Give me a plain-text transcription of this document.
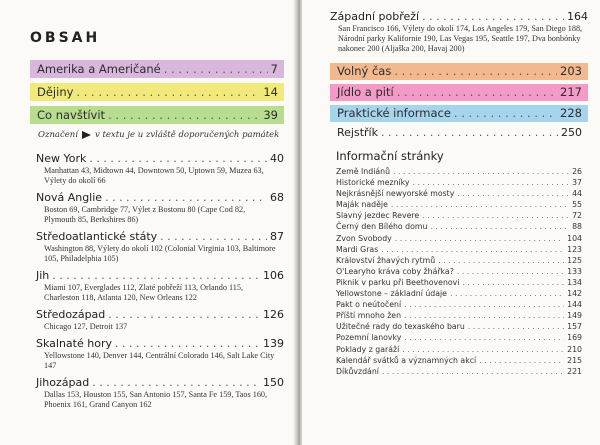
OBSAH
Amerika a Američané . . .	7
Dějiny . . .	14
Co navštívit . . .	39
Označení v textu je u zvláště doporučených památek
New York . . .	40
Manhattan 43, Midtown 44, Downtown 50, Uptown 59, Muzea 63, Výlety do okolí 66
Nová Anglie . . .	68
Boston 69, Cambridge 77, Výlet z Bostonu 80 (Cape Cod 82, Plymouth 85, Berkshires 86)
Středoatlantické státy . . .	87
Washington 88, Výlety do okolí 102 (Colonial Virginia 103, Baltimore 105, Philadelphia 105)
Jih . . .	106
Miami 107, Everglades 112, Zlaté pobřeží 113, Orlando 115, Charleston 118, Atlanta 120, New Orleans 122
Středozápad . . .	126
Chicago 127, Detroit 137
Skalnaté hory . . .	139
Yellowstone 140, Denver 144, Centrální Colorado 146, Salt Lake City 147
Jihozápad . . .	150
Dallas 153, Houston 155, San Antonio 157, Santa Fe 159, Taos 160, Phoenix 161, Grand Canyon 162
Západní pobřeží . . .	164
San Francisco 166, Výlety do okolí 174, Los Angeles 179, San Diego 188, Národní parky Kalifornie 190, Las Vegas 195, Seattle 197, Dva bonbónky nakonec 200 (Aljaška 200, Havaj 200)
Volný čas . . .	203
Jídlo a pití . . .	217
Praktické informace . . .	228
Rejstřík . . .	250
Informační stránky
Země Indiánů . . .	26
Historické mezníky . . .	37
Nejkrásnější newyorské mosty . . .	44
Maják naděje . . .	55
Slavný jezdec Revere . . .	72
Černý den Bílého domu . . .	88
Zvon Svobody . . .	104
Mardi Gras . . .	123
Království žhavých rytmů . . .	125
O'Learyho kráva coby žhářka? . . .	133
Piknik v parku při Beethovenovi . . .	134
Yellowstone – základní údaje . . .	142
Pakt o neútočení . . .	144
Příští mnoho žen . . .	149
Užitečné rady do texaského baru . . .	157
Pozemní lanovky . . .	169
Poklady z garáží . . .	210
Kalendář svátků a významných akcí . . .	215
Díkůvzdání . . .	221
